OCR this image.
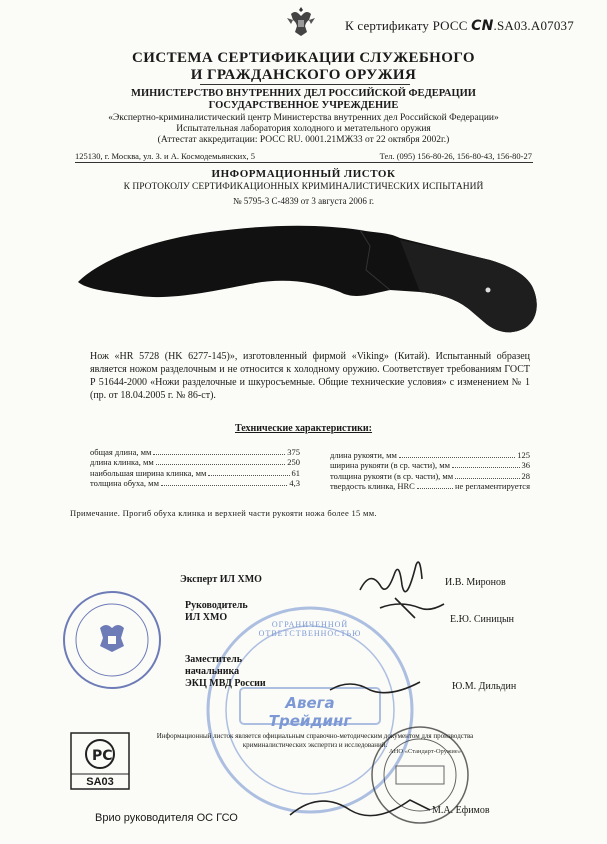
К сертификату РОСС CN.SA03.A07037
СИСТЕМА СЕРТИФИКАЦИИ СЛУЖЕБНОГО
И ГРАЖДАНСКОГО ОРУЖИЯ
МИНИСТЕРСТВО ВНУТРЕННИХ ДЕЛ РОССИЙСКОЙ ФЕДЕРАЦИИ
ГОСУДАРСТВЕННОЕ УЧРЕЖДЕНИЕ
«Экспертно-криминалистический центр Министерства внутренних дел Российской Федерации»
Испытательная лаборатория холодного и метательного оружия
(Аттестат аккредитации: РОСС RU. 0001.21МЖ33 от 22 октября 2002г.)
125130, г. Москва, ул. З. и А. Космодемьянских, 5	Тел. (095) 156-80-26, 156-80-43, 156-80-27
ИНФОРМАЦИОННЫЙ ЛИСТОК
К ПРОТОКОЛУ СЕРТИФИКАЦИОННЫХ КРИМИНАЛИСТИЧЕСКИХ ИСПЫТАНИЙ
№ 5795-3 С-4839 от 3 августа 2006 г.
Нож «HR 5728 (HK 6277-145)», изготовленный фирмой «Viking» (Китай). Испытанный образец является ножом разделочным и не относится к холодному оружию. Соответствует требованиям ГОСТ Р 51644-2000 «Ножи разделочные и шкуросъемные. Общие технические условия» с изменением № 1 (пр. от 18.04.2005 г. № 86-ст).
Технические характеристики:
общая длина, мм	375
длина клинка, мм	250
наибольшая ширина клинка, мм	61
толщина обуха, мм	4,3
длина рукояти, мм	125
ширина рукояти (в ср. части), мм	36
толщина рукояти (в ср. части), мм	28
твердость клинка, HRC	не регламентируется
Примечание. Прогиб обуха клинка и верхней части рукояти ножа более 15 мм.
Эксперт ИЛ ХМО	И.В. Миронов
Руководитель
ИЛ ХМО	Е.Ю. Синицын
Заместитель
начальника
ЭКЦ МВД России	Ю.М. Дильдин
Авега Трейдинг
ОГРАНИЧЕННОЙ ОТВЕТСТВЕННОСТЬЮ
АНО «Стандарт-Оружие»
РС
SA03
Информационный листок является официальным справочно-методическим документом для производства криминалистических экспертиз и исследований.
Врио руководителя ОС ГСО
М.А. Ефимов
